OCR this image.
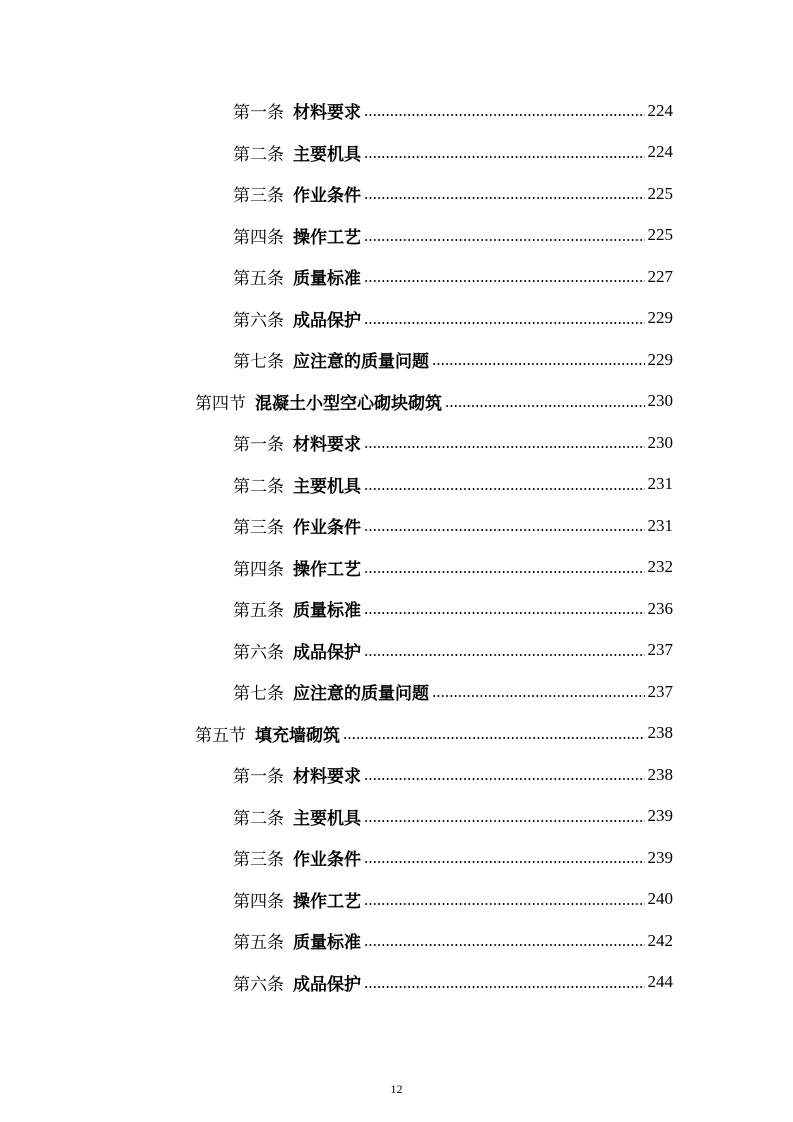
第一条 材料要求	224
第二条 主要机具	224
第三条 作业条件	225
第四条 操作工艺	225
第五条 质量标准	227
第六条 成品保护	229
第七条 应注意的质量问题	229
第四节 混凝土小型空心砌块砌筑	230
第一条 材料要求	230
第二条 主要机具	231
第三条 作业条件	231
第四条 操作工艺	232
第五条 质量标准	236
第六条 成品保护	237
第七条 应注意的质量问题	237
第五节 填充墙砌筑	238
第一条 材料要求	238
第二条 主要机具	239
第三条 作业条件	239
第四条 操作工艺	240
第五条 质量标准	242
第六条 成品保护	244
12
